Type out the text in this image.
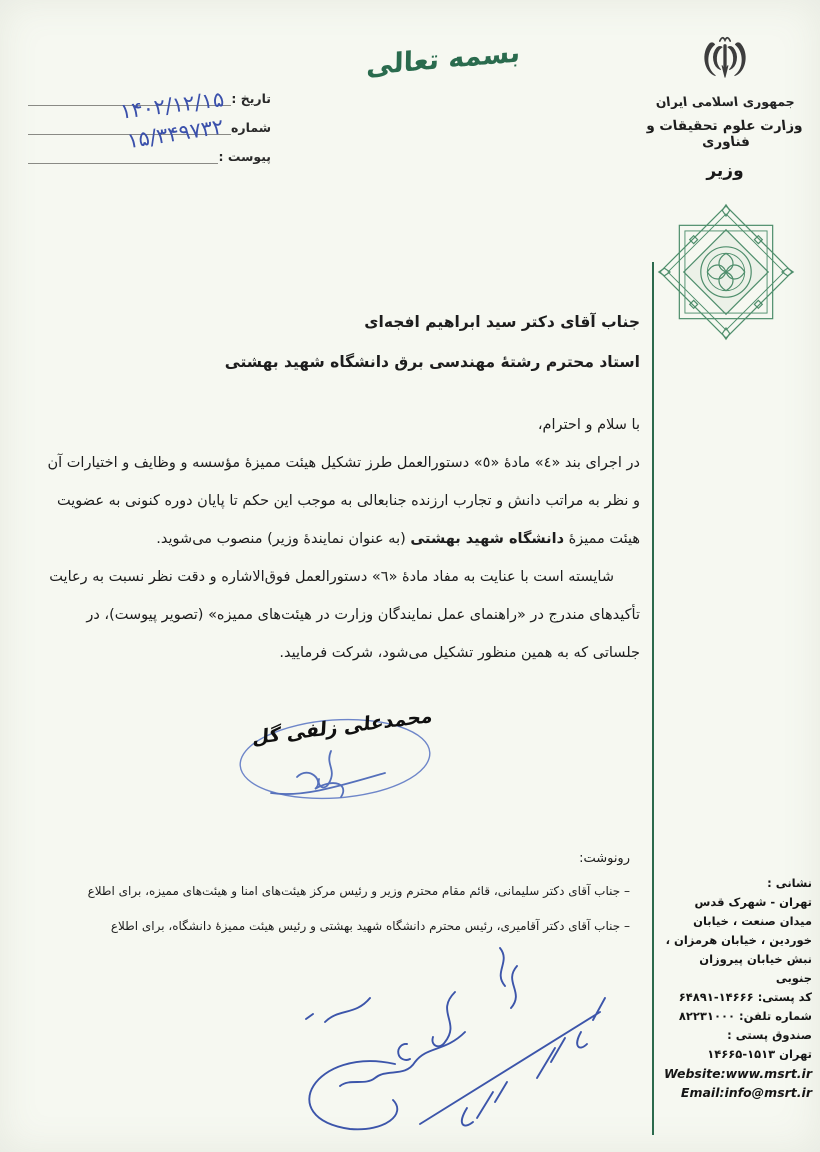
تاریخ :
۱۴۰۲/۱۲/۱۵
شماره
۱۵/۳۴۹۷۳۲
پیوست :
بسمه تعالی
جمهوری اسلامی ایران
وزارت علوم تحقیقات و فناوری
وزیر
جناب آقای دکتر سید ابراهیم افجه‌ای
استاد محترم رشتهٔ مهندسی برق دانشگاه شهید بهشتی
با سلام و احترام،
در اجرای بند «٤» مادهٔ «٥» دستورالعمل طرز تشکیل هیئت ممیزهٔ مؤسسه و وظایف و اختیارات آن
و نظر به مراتب دانش و تجارب ارزنده جنابعالی به موجب این حکم تا پایان دوره کنونی به عضویت
هیئت ممیزهٔ دانشگاه شهید بهشتی (به عنوان نمایندهٔ وزیر) منصوب می‌شوید.
شایسته است با عنایت به مفاد مادهٔ «٦» دستورالعمل فوق‌الاشاره و دقت نظر نسبت به رعایت
تأکیدهای مندرج در «راهنمای عمل نمایندگان وزارت در هیئت‌های ممیزه» (تصویر پیوست)، در
جلساتی که به همین منظور تشکیل می‌شود، شرکت فرمایید.
محمدعلی زلفی گل
رونوشت:
– جناب آقای دکتر سلیمانی، قائم مقام محترم وزیر و رئیس مرکز هیئت‌های امنا و هیئت‌های ممیزه، برای اطلاع
– جناب آقای دکتر آقامیری، رئیس محترم دانشگاه شهید بهشتی و رئیس هیئت ممیزهٔ دانشگاه، برای اطلاع
نشانی :
تهران - شهرک قدس
میدان صنعت ، خیابان
خوردین ، خیابان هرمزان ،
نبش خیابان پیروزان جنوبی
کد پستی: ۱۴۶۶۶-۶۴۸۹۱
شماره تلفن: ۸۲۲۳۱۰۰۰
صندوق پستی :
تهران ۱۵۱۳-۱۴۶۶۵
Website:www.msrt.ir
Email:info@msrt.ir
